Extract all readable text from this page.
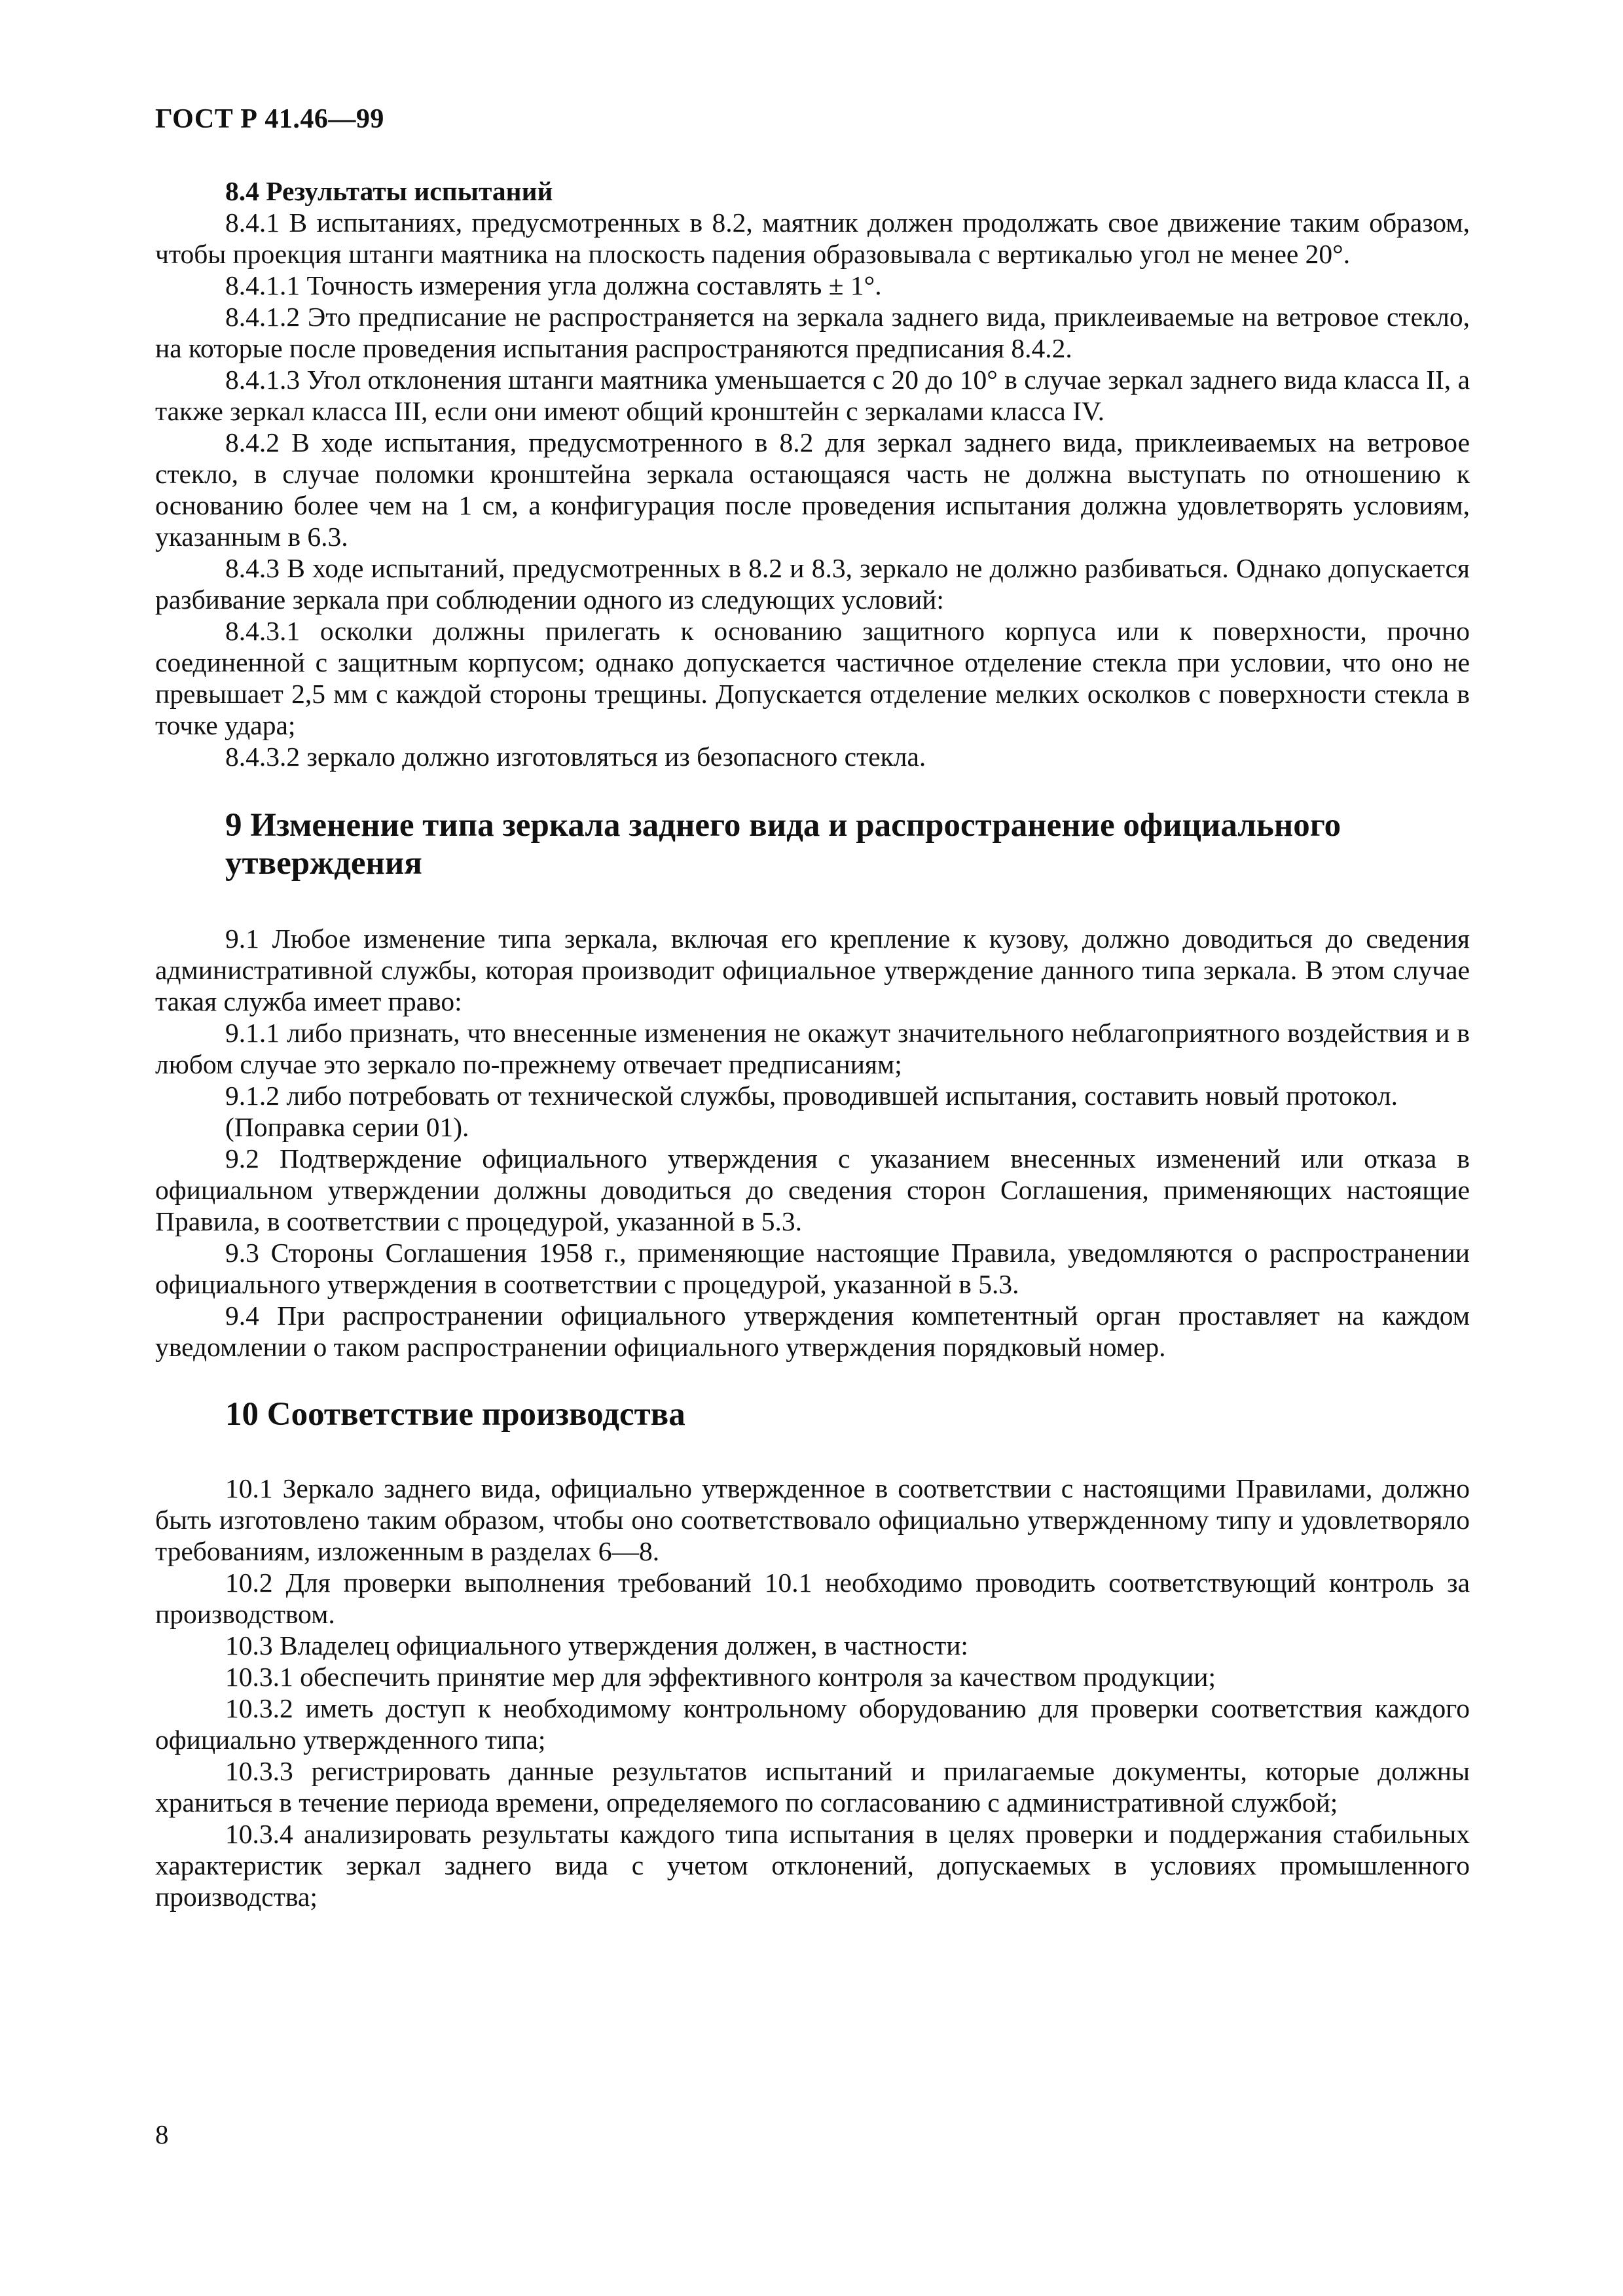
ГОСТ Р 41.46—99

8.4 Результаты испытаний

8.4.1 В испытаниях, предусмотренных в 8.2, маятник должен продолжать свое движение таким образом, чтобы проекция штанги маятника на плоскость падения образовывала с вертикалью угол не менее 20°.

8.4.1.1 Точность измерения угла должна составлять ± 1°.

8.4.1.2 Это предписание не распространяется на зеркала заднего вида, приклеиваемые на ветровое стекло, на которые после проведения испытания распространяются предписания 8.4.2.

8.4.1.3 Угол отклонения штанги маятника уменьшается с 20 до 10° в случае зеркал заднего вида класса II, а также зеркал класса III, если они имеют общий кронштейн с зеркалами класса IV.

8.4.2 В ходе испытания, предусмотренного в 8.2 для зеркал заднего вида, приклеиваемых на ветровое стекло, в случае поломки кронштейна зеркала остающаяся часть не должна выступать по отношению к основанию более чем на 1 см, а конфигурация после проведения испытания должна удовлетворять условиям, указанным в 6.3.

8.4.3 В ходе испытаний, предусмотренных в 8.2 и 8.3, зеркало не должно разбиваться. Однако допускается разбивание зеркала при соблюдении одного из следующих условий:

8.4.3.1 осколки должны прилегать к основанию защитного корпуса или к поверхности, прочно соединенной с защитным корпусом; однако допускается частичное отделение стекла при условии, что оно не превышает 2,5 мм с каждой стороны трещины. Допускается отделение мелких осколков с поверхности стекла в точке удара;

8.4.3.2 зеркало должно изготовляться из безопасного стекла.

9 Изменение типа зеркала заднего вида и распространение официального утверждения

9.1 Любое изменение типа зеркала, включая его крепление к кузову, должно доводиться до сведения административной службы, которая производит официальное утверждение данного типа зеркала. В этом случае такая служба имеет право:

9.1.1 либо признать, что внесенные изменения не окажут значительного неблагоприятного воздействия и в любом случае это зеркало по-прежнему отвечает предписаниям;

9.1.2 либо потребовать от технической службы, проводившей испытания, составить новый протокол.

(Поправка серии 01).

9.2 Подтверждение официального утверждения с указанием внесенных изменений или отказа в официальном утверждении должны доводиться до сведения сторон Соглашения, применяющих настоящие Правила, в соответствии с процедурой, указанной в 5.3.

9.3 Стороны Соглашения 1958 г., применяющие настоящие Правила, уведомляются о распространении официального утверждения в соответствии с процедурой, указанной в 5.3.

9.4 При распространении официального утверждения компетентный орган проставляет на каждом уведомлении о таком распространении официального утверждения порядковый номер.

10 Соответствие производства

10.1 Зеркало заднего вида, официально утвержденное в соответствии с настоящими Правилами, должно быть изготовлено таким образом, чтобы оно соответствовало официально утвержденному типу и удовлетворяло требованиям, изложенным в разделах 6—8.

10.2 Для проверки выполнения требований 10.1 необходимо проводить соответствующий контроль за производством.

10.3 Владелец официального утверждения должен, в частности:

10.3.1 обеспечить принятие мер для эффективного контроля за качеством продукции;

10.3.2 иметь доступ к необходимому контрольному оборудованию для проверки соответствия каждого официально утвержденного типа;

10.3.3 регистрировать данные результатов испытаний и прилагаемые документы, которые должны храниться в течение периода времени, определяемого по согласованию с административной службой;

10.3.4 анализировать результаты каждого типа испытания в целях проверки и поддержания стабильных характеристик зеркал заднего вида с учетом отклонений, допускаемых в условиях промышленного производства;

8
